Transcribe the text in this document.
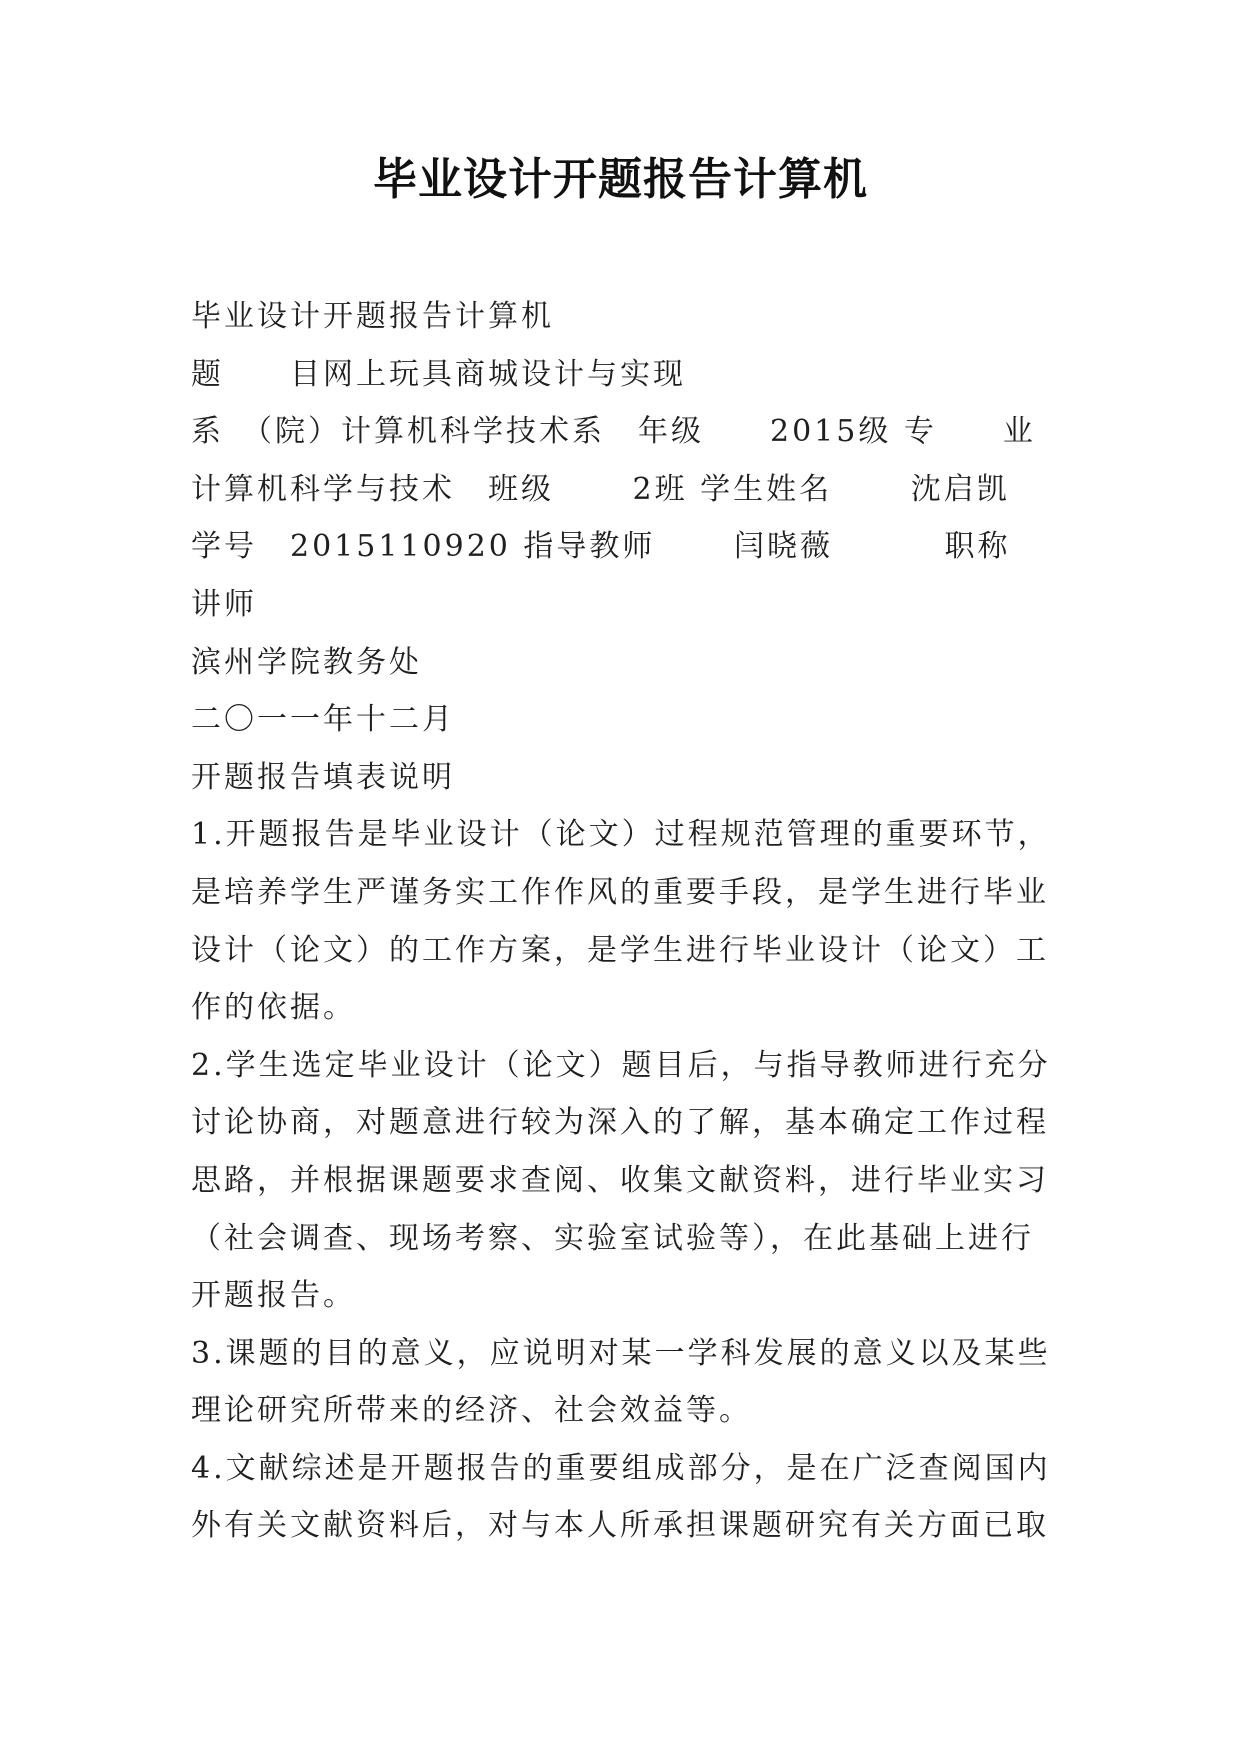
毕业设计开题报告计算机
毕业设计开题报告计算机
题　　目网上玩具商城设计与实现
系　（院）计算机科学技术系　年级　　2015级 专　　业
计算机科学与技术　班级　　 2班 学生姓名　　 沈启凯
学号　2015110920 指导教师　　 闫晓薇　　　 职称
讲师
滨州学院教务处
二〇一一年十二月
开题报告填表说明
1.开题报告是毕业设计（论文）过程规范管理的重要环节，
是培养学生严谨务实工作作风的重要手段，是学生进行毕业
设计（论文）的工作方案，是学生进行毕业设计（论文）工
作的依据。
2.学生选定毕业设计（论文）题目后，与指导教师进行充分
讨论协商，对题意进行较为深入的了解，基本确定工作过程
思路，并根据课题要求查阅、收集文献资料，进行毕业实习
（社会调查、现场考察、实验室试验等），在此基础上进行
开题报告。
3.课题的目的意义，应说明对某一学科发展的意义以及某些
理论研究所带来的经济、社会效益等。
4.文献综述是开题报告的重要组成部分，是在广泛查阅国内
外有关文献资料后，对与本人所承担课题研究有关方面已取
